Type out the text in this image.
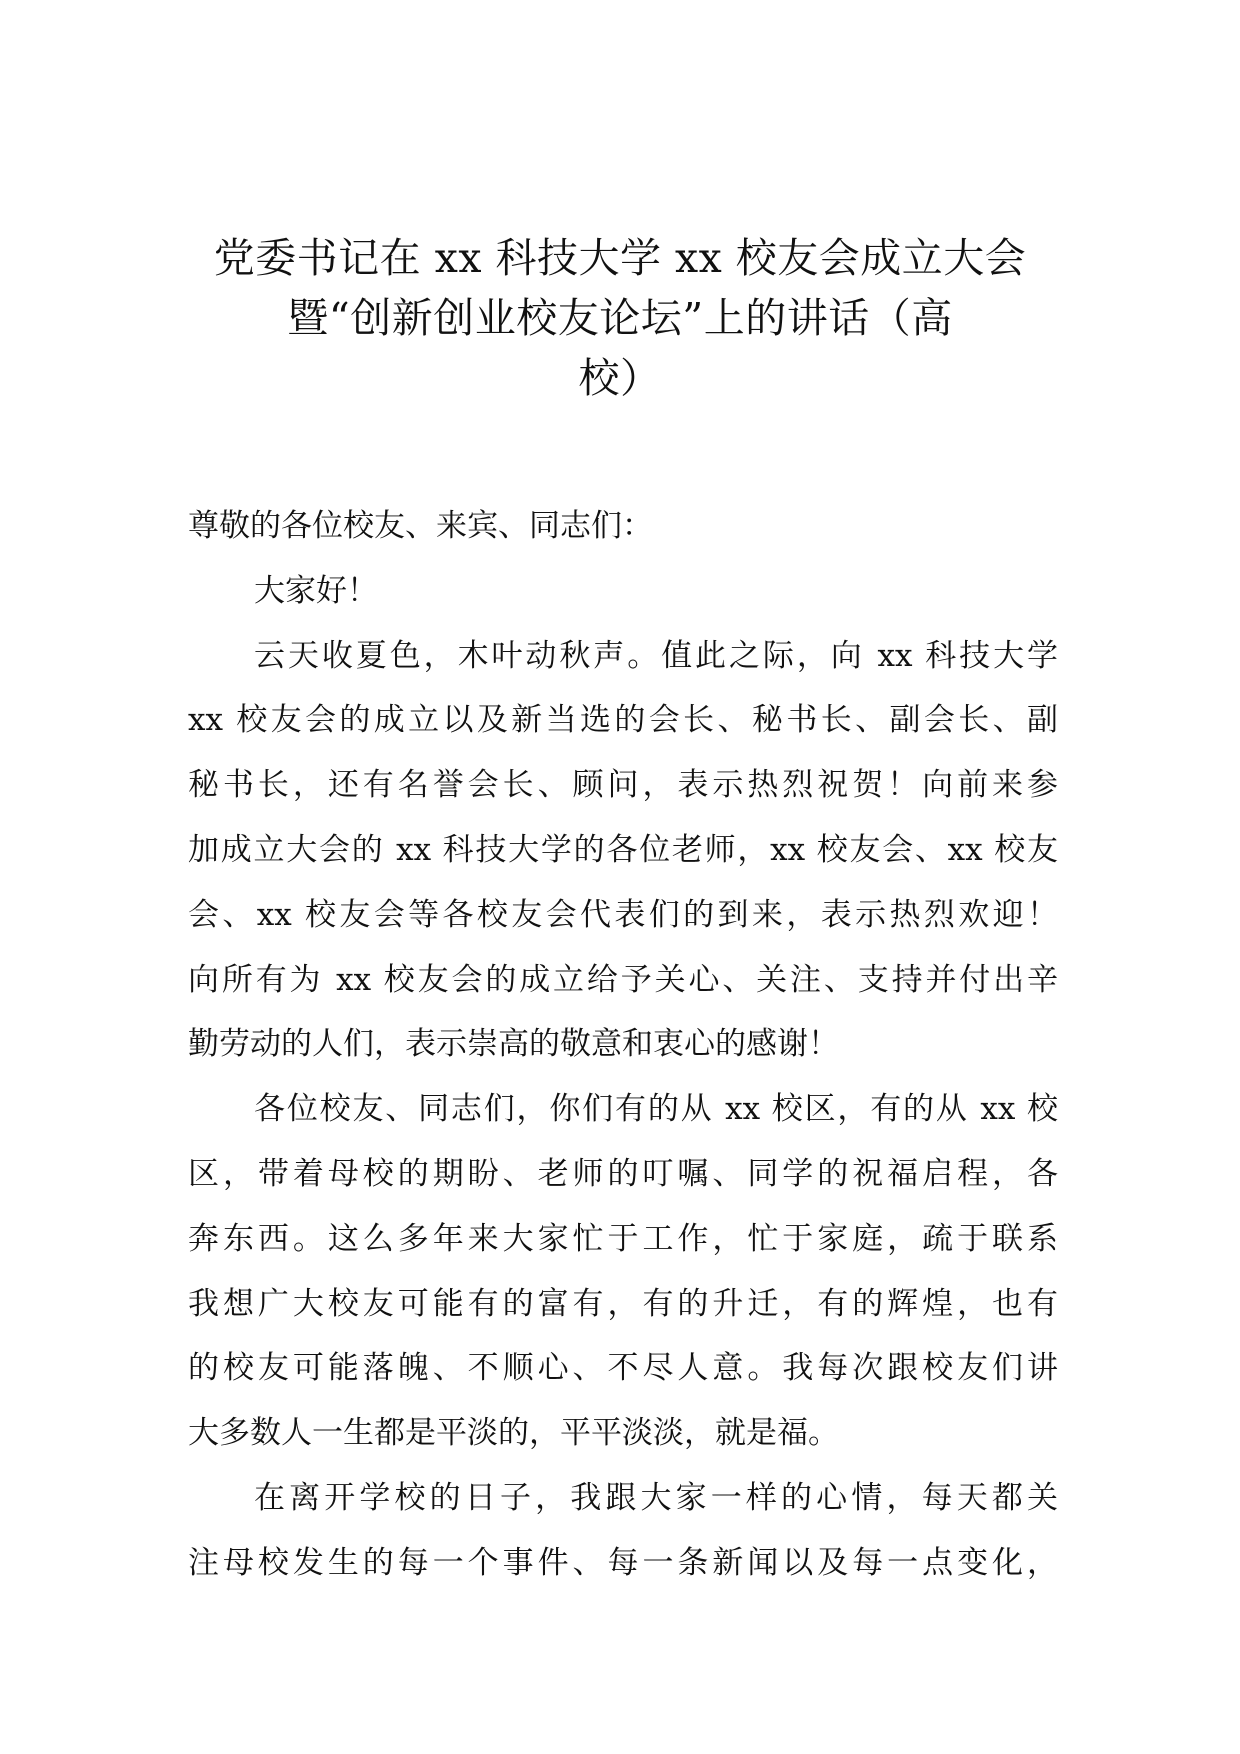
党委书记在 xx 科技大学 xx 校友会成立大会
暨“创新创业校友论坛”上的讲话（高
校）
尊敬的各位校友、来宾、同志们：
大家好！
云天收夏色，木叶动秋声。值此之际，向 xx 科技大学
xx 校友会的成立以及新当选的会长、秘书长、副会长、副
秘书长，还有名誉会长、顾问，表示热烈祝贺！向前来参
加成立大会的 xx 科技大学的各位老师，xx 校友会、xx 校友
会、xx 校友会等各校友会代表们的到来，表示热烈欢迎！
向所有为 xx 校友会的成立给予关心、关注、支持并付出辛
勤劳动的人们，表示崇高的敬意和衷心的感谢！
各位校友、同志们，你们有的从 xx 校区，有的从 xx 校
区，带着母校的期盼、老师的叮嘱、同学的祝福启程，各
奔东西。这么多年来大家忙于工作，忙于家庭，疏于联系
我想广大校友可能有的富有，有的升迁，有的辉煌，也有
的校友可能落魄、不顺心、不尽人意。我每次跟校友们讲
大多数人一生都是平淡的，平平淡淡，就是福。
在离开学校的日子，我跟大家一样的心情，每天都关
注母校发生的每一个事件、每一条新闻以及每一点变化，
